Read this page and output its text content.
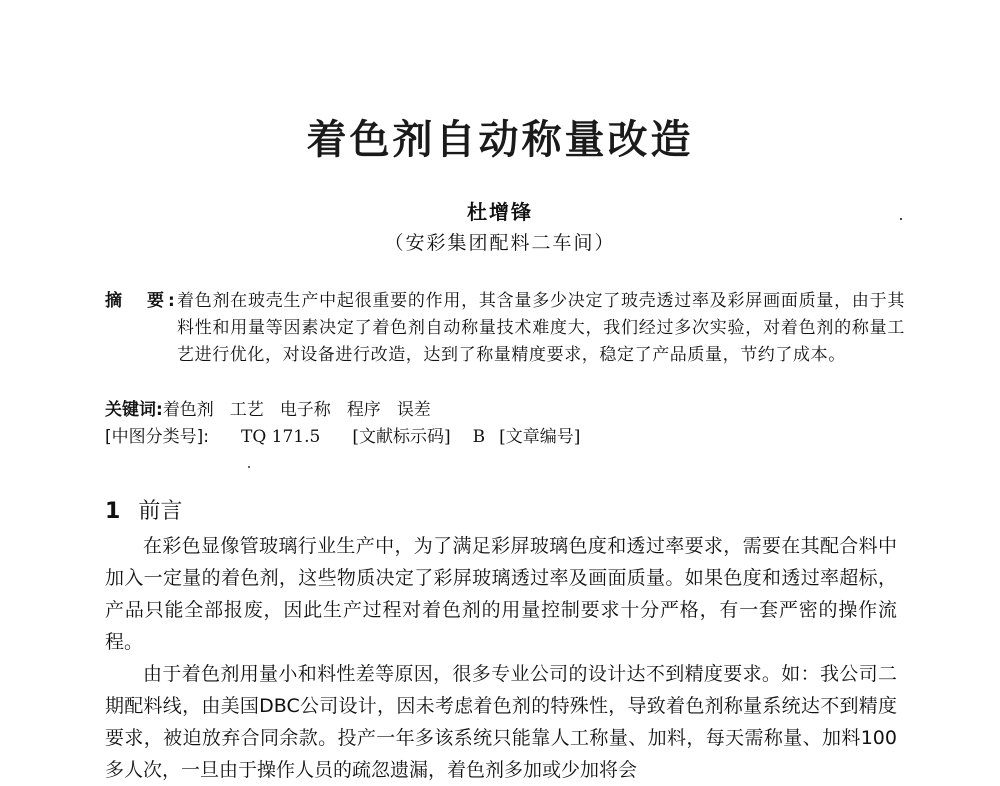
着色剂自动称量改造
杜增锋
（安彩集团配料二车间）
摘　要:
着色剂在玻壳生产中起很重要的作用，其含量多少决定了玻壳透过率及彩屏画面质量，由于其料性和用量等因素决定了着色剂自动称量技术难度大，我们经过多次实验，对着色剂的称量工艺进行优化，对设备进行改造，达到了称量精度要求，稳定了产品质量，节约了成本。
关键词:着色剂 工艺 电子称 程序 误差
[中图分类号]: TQ 171.5 [文献标示码] B [文章编号]
1 前言

在彩色显像管玻璃行业生产中，为了满足彩屏玻璃色度和透过率要求，需要在其配合料中加入一定量的着色剂，这些物质决定了彩屏玻璃透过率及画面质量。如果色度和透过率超标，产品只能全部报废，因此生产过程对着色剂的用量控制要求十分严格，有一套严密的操作流程。

由于着色剂用量小和料性差等原因，很多专业公司的设计达不到精度要求。如：我公司二期配料线，由美国DBC公司设计，因未考虑着色剂的特殊性，导致着色剂称量系统达不到精度要求，被迫放弃合同余款。投产一年多该系统只能靠人工称量、加料，每天需称量、加料100多人次，一旦由于操作人员的疏忽遗漏，着色剂多加或少加将会
